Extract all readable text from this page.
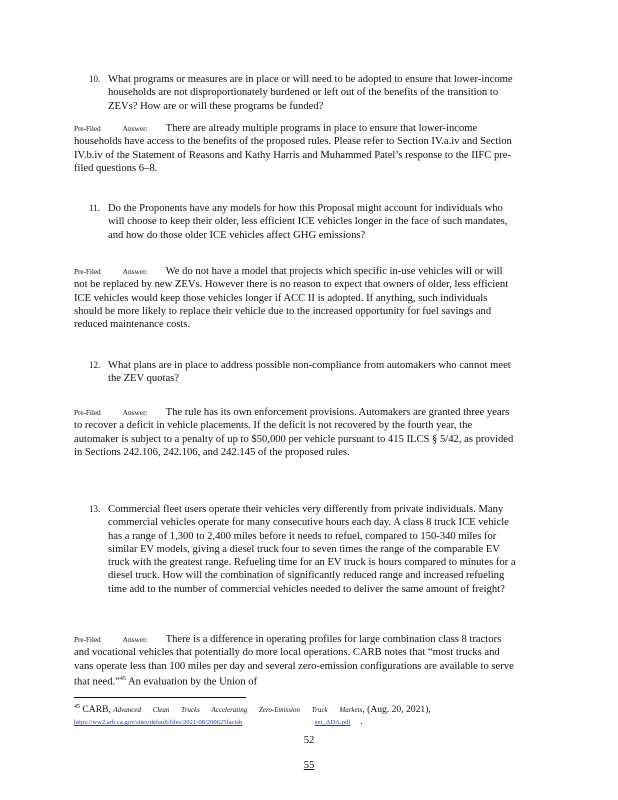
10. What programs or measures are in place or will need to be adopted to ensure that lower-income households are not disproportionately burdened or left out of the benefits of the transition to ZEVs? How are or will these programs be funded?
Pre-Filed	Answer: There are already multiple programs in place to ensure that lower-income households have access to the benefits of the proposed rules. Please refer to Section IV.a.iv and Section IV.b.iv of the Statement of Reasons and Kathy Harris and Muhammed Patel’s response to the IIFC pre-filed questions 6–8.
11. Do the Proponents have any models for how this Proposal might account for individuals who will choose to keep their older, less efficient ICE vehicles longer in the face of such mandates, and how do those older ICE vehicles affect GHG emissions?
Pre-Filed	Answer: We do not have a model that projects which specific in-use vehicles will or will not be replaced by new ZEVs. However there is no reason to expect that owners of older, less efficient ICE vehicles would keep those vehicles longer if ACC II is adopted. If anything, such individuals should be more likely to replace their vehicle due to the increased opportunity for fuel savings and reduced maintenance costs.
12. What plans are in place to address possible non-compliance from automakers who cannot meet the ZEV quotas?
Pre-Filed	Answer: The rule has its own enforcement provisions. Automakers are granted three years to recover a deficit in vehicle placements. If the deficit is not recovered by the fourth year, the automaker is subject to a penalty of up to $50,000 per vehicle pursuant to 415 ILCS § 5/42, as provided in Sections 242.106, 242.106, and 242.145 of the proposed rules.
13. Commercial fleet users operate their vehicles very differently from private individuals. Many commercial vehicles operate for many consecutive hours each day. A class 8 truck ICE vehicle has a range of 1,300 to 2,400 miles before it needs to refuel, compared to 150-340 miles for similar EV models, giving a diesel truck four to seven times the range of the comparable EV truck with the greatest range. Refueling time for an EV truck is hours compared to minutes for a diesel truck. How will the combination of significantly reduced range and increased refueling time add to the number of commercial vehicles needed to deliver the same amount of freight?
Pre-Filed	Answer: There is a difference in operating profiles for large combination class 8 tractors and vocational vehicles that potentially do more local operations. CARB notes that “most trucks and vans operate less than 100 miles per day and several zero-emission configurations are available to serve that need.”$^{45}$ An evaluation by the Union of
$^{45}$ CARB, Advanced Clean Trucks Accelerating Zero-Emission Truck Markets, (Aug. 20, 2021),
https://ww2.arb.ca.gov/sites/default/files/2021-08/200625factsh	eet_ADA.pdf .
52
55
